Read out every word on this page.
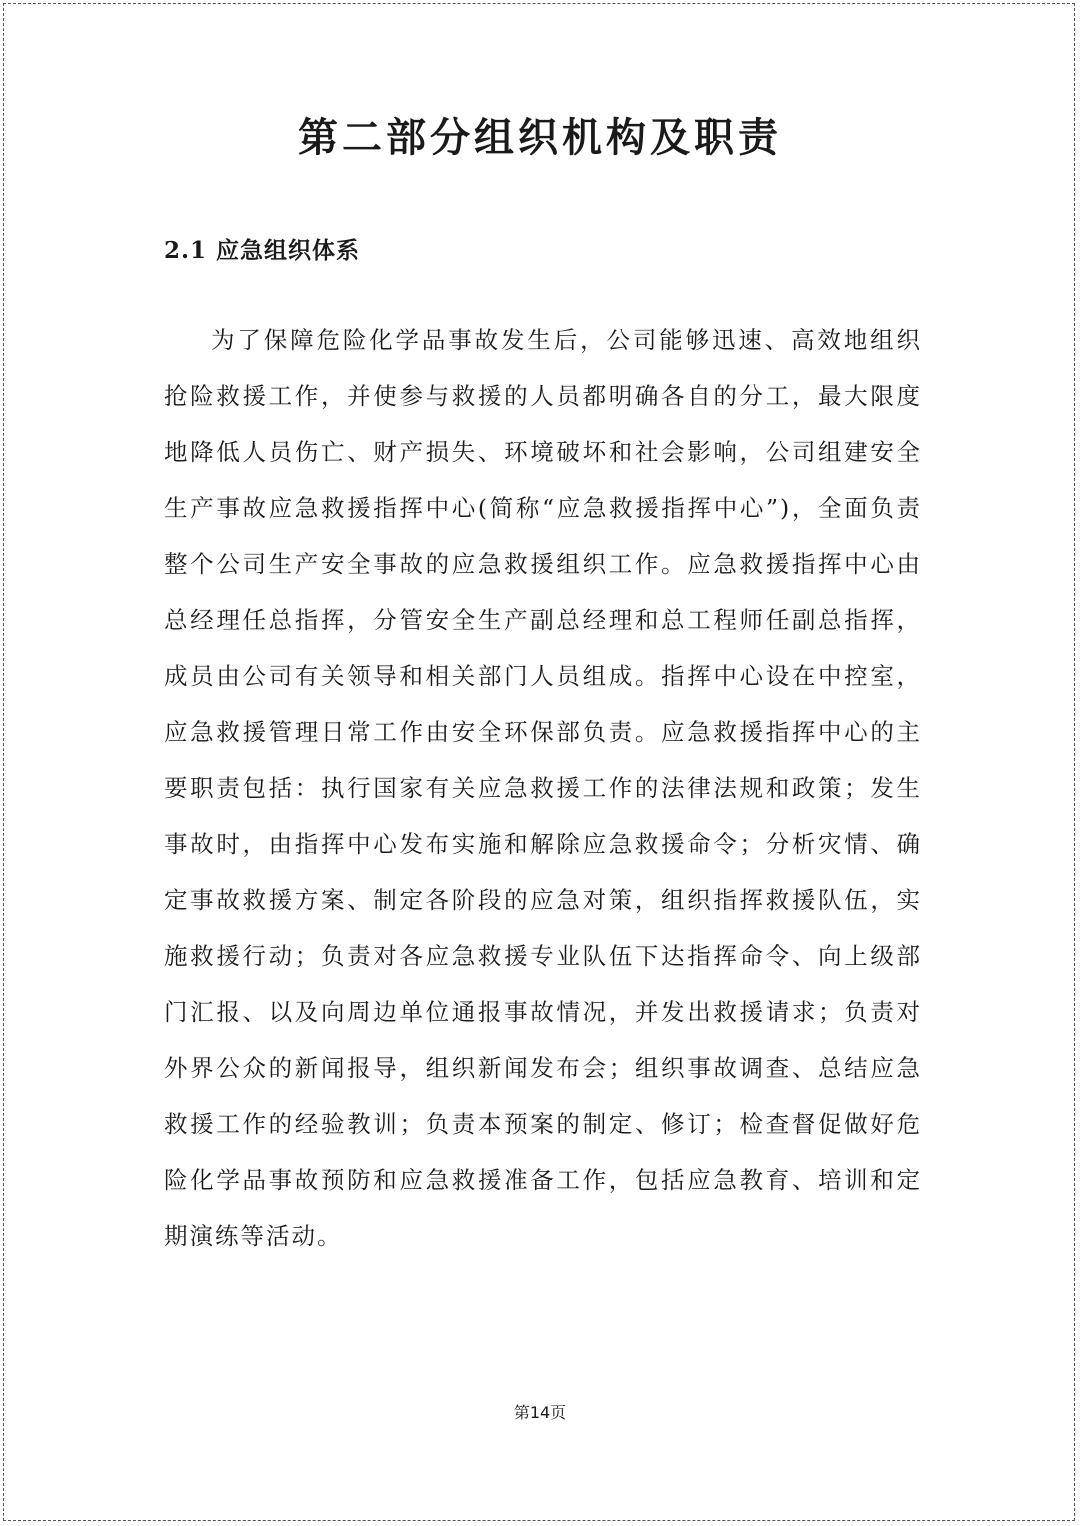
第二部分组织机构及职责
2.1 应急组织体系

为了保障危险化学品事故发生后，公司能够迅速、高效地组织抢险救援工作，并使参与救援的人员都明确各自的分工，最大限度地降低人员伤亡、财产损失、环境破坏和社会影响，公司组建安全生产事故应急救援指挥中心(简称“应急救援指挥中心”)，全面负责整个公司生产安全事故的应急救援组织工作。应急救援指挥中心由总经理任总指挥，分管安全生产副总经理和总工程师任副总指挥，成员由公司有关领导和相关部门人员组成。指挥中心设在中控室，应急救援管理日常工作由安全环保部负责。应急救援指挥中心的主要职责包括：执行国家有关应急救援工作的法律法规和政策；发生事故时，由指挥中心发布实施和解除应急救援命令；分析灾情、确定事故救援方案、制定各阶段的应急对策，组织指挥救援队伍，实施救援行动；负责对各应急救援专业队伍下达指挥命令、向上级部门汇报、以及向周边单位通报事故情况，并发出救援请求；负责对外界公众的新闻报导，组织新闻发布会；组织事故调查、总结应急救援工作的经验教训；负责本预案的制定、修订；检查督促做好危险化学品事故预防和应急救援准备工作，包括应急教育、培训和定期演练等活动。

第14页
